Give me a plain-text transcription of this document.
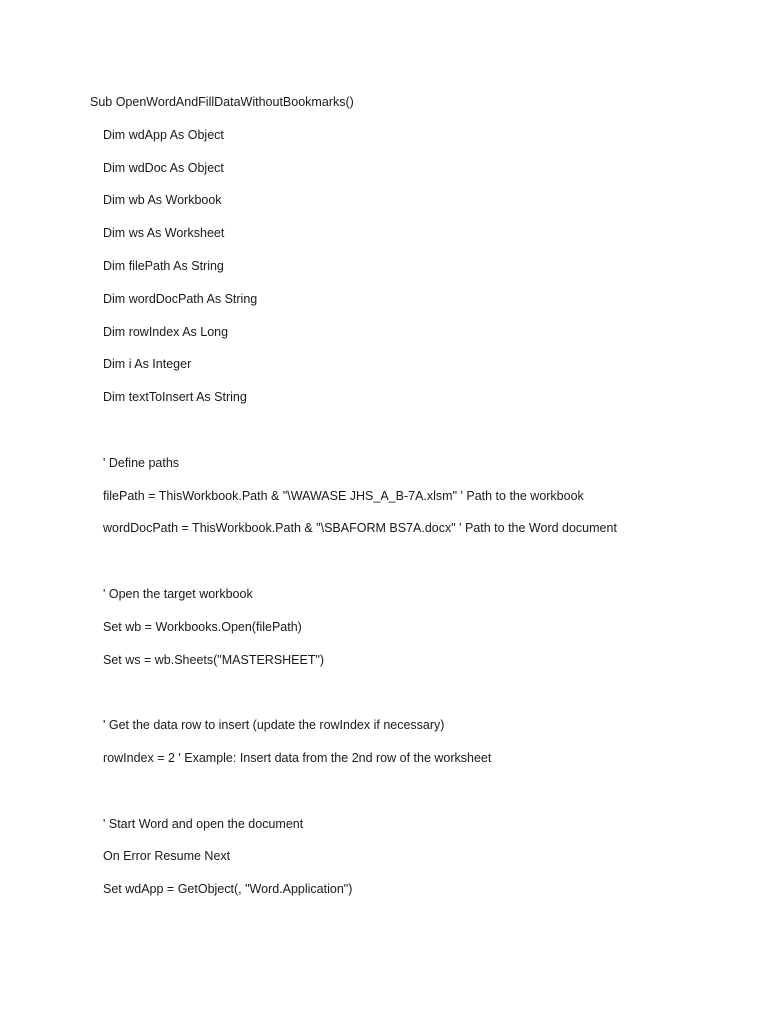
Sub OpenWordAndFillDataWithoutBookmarks()
Dim wdApp As Object
Dim wdDoc As Object
Dim wb As Workbook
Dim ws As Worksheet
Dim filePath As String
Dim wordDocPath As String
Dim rowIndex As Long
Dim i As Integer
Dim textToInsert As String
' Define paths
filePath = ThisWorkbook.Path & "\WAWASE JHS_A_B-7A.xlsm" ' Path to the workbook
wordDocPath = ThisWorkbook.Path & "\SBAFORM BS7A.docx" ' Path to the Word document
' Open the target workbook
Set wb = Workbooks.Open(filePath)
Set ws = wb.Sheets("MASTERSHEET")
' Get the data row to insert (update the rowIndex if necessary)
rowIndex = 2 ' Example: Insert data from the 2nd row of the worksheet
' Start Word and open the document
On Error Resume Next
Set wdApp = GetObject(, "Word.Application")
